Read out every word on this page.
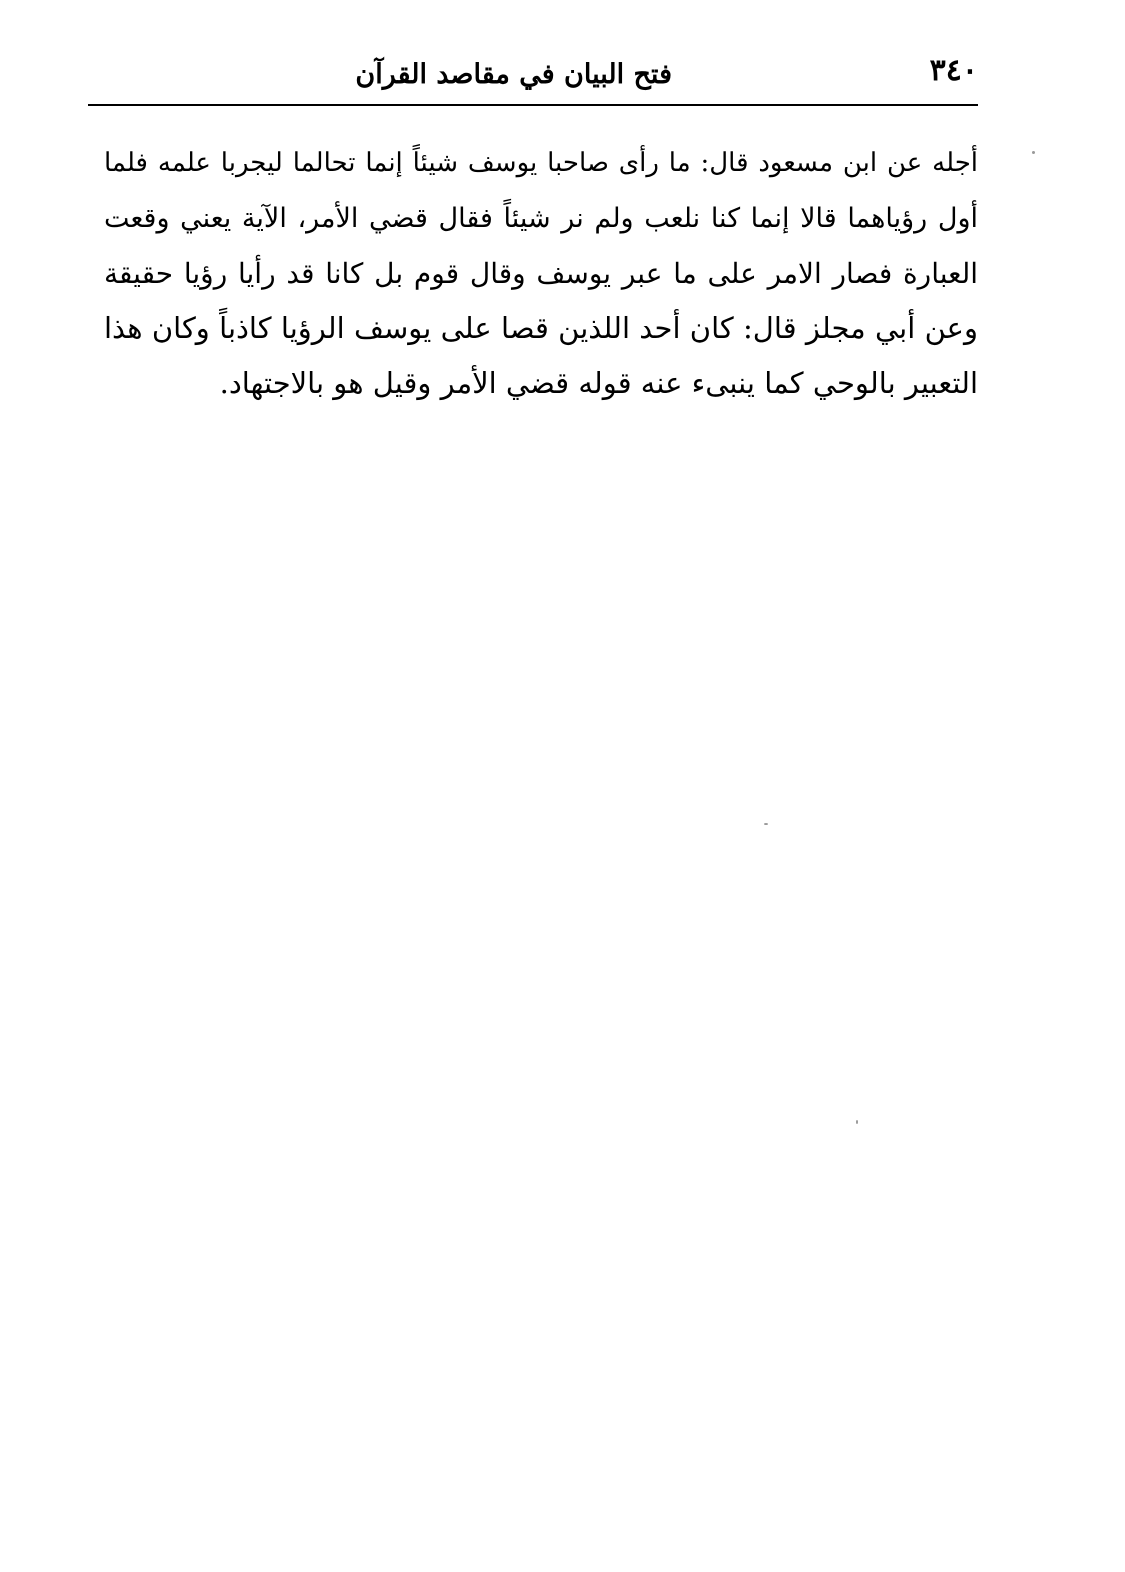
٣٤٠
فتح البيان في مقاصد القرآن
أجله عن ابن مسعود قال: ما رأى صاحبا يوسف شيئاً إنما تحالما ليجربا علمه فلما
أول رؤياهما قالا إنما كنا نلعب ولم نر شيئاً فقال قضي الأمر، الآية يعني وقعت
العبارة فصار الامر على ما عبر يوسف وقال قوم بل كانا قد رأيا رؤيا حقيقة
وعن أبي مجلز قال: كان أحد اللذين قصا على يوسف الرؤيا كاذباً وكان هذا
التعبير بالوحي كما ينبىء عنه قوله قضي الأمر وقيل هو بالاجتهاد.
